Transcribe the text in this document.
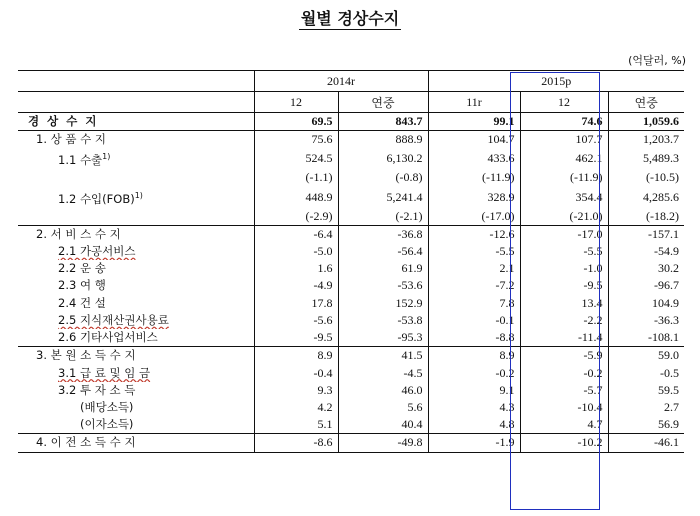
월별 경상수지
(억달러, %)
	2014r		2015p		
	12	연중	11r	12	연중
경 상 수 지	69.5	843.7	99.1	74.6	1,059.6
1. 상 품 수 지	75.6	888.9	104.7	107.7	1,203.7
1.1 수출$^{1)}$	524.5	6,130.2	433.6	462.1	5,489.3
	(-1.1)	(-0.8)	(-11.9)	(-11.9)	(-10.5)
1.2 수입(FOB)$^{1)}$	448.9	5,241.4	328.9	354.4	4,285.6
	(-2.9)	(-2.1)	(-17.0)	(-21.0)	(-18.2)
2. 서 비 스 수 지	-6.4	-36.8	-12.6	-17.0	-157.1
2.1 가공서비스	-5.0	-56.4	-5.5	-5.5	-54.9
2.2 운 송	1.6	61.9	2.1	-1.0	30.2
2.3 여 행	-4.9	-53.6	-7.2	-9.5	-96.7
2.4 건 설	17.8	152.9	7.8	13.4	104.9
2.5 지식재산권사용료	-5.6	-53.8	-0.1	-2.2	-36.3
2.6 기타사업서비스	-9.5	-95.3	-8.8	-11.4	-108.1
3. 본 원 소 득 수 지	8.9	41.5	8.9	-5.9	59.0
3.1 급 료 및 임 금	-0.4	-4.5	-0.2	-0.2	-0.5
3.2 투 자 소 득	9.3	46.0	9.1	-5.7	59.5
(배당소득)	4.2	5.6	4.3	-10.4	2.7
(이자소득)	5.1	40.4	4.8	4.7	56.9
4. 이 전 소 득 수 지	-8.6	-49.8	-1.9	-10.2	-46.1
